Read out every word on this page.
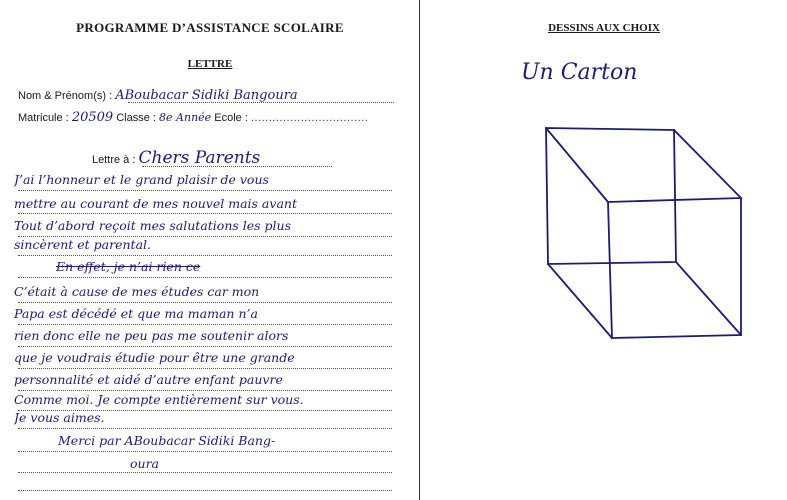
PROGRAMME D’ASSISTANCE SCOLAIRE
LETTRE
Nom & Prénom(s) : ABoubacar Sidiki Bangoura
Matricule : 20509 Classe : 8e Année Ecole : .................................
Lettre à : Chers Parents
J’ai l’honneur et le grand plaisir de vous
mettre au courant de mes nouvel mais avant
Tout d’abord reçoit mes salutations les plus
sincèrent et parental.
En effet, je n’ai rien ce
C’était à cause de mes études car mon
Papa est décédé et que ma maman n’a
rien donc elle ne peu pas me soutenir alors
que je voudrais étudie pour être une grande
personnalité et aidé d’autre enfant pauvre
Comme moi. Je compte entièrement sur vous.
Je vous aimes.
Merci par ABoubacar Sidiki Bang-
oura
DESSINS AUX CHOIX
Un Carton
